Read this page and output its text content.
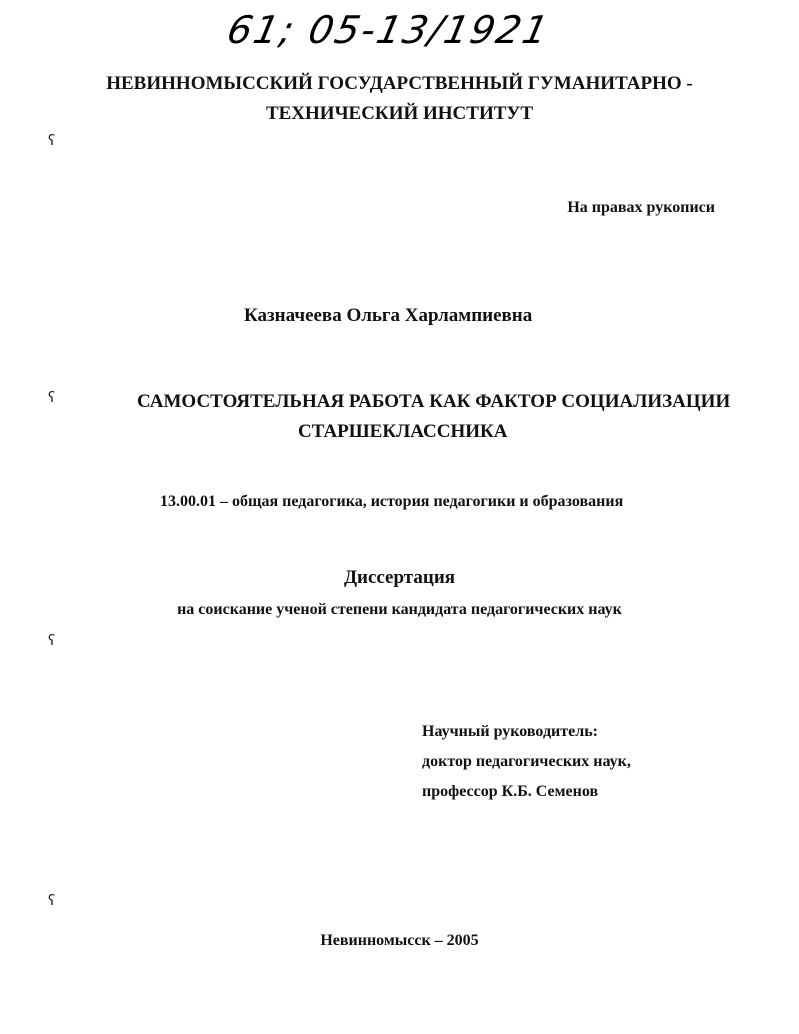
61; 05-13/1921
НЕВИННОМЫССКИЙ ГОСУДАРСТВЕННЫЙ ГУМАНИТАРНО -
ТЕХНИЧЕСКИЙ ИНСТИТУТ
ʕ
На правах рукописи
Казначеева Ольга Харлампиевна
ʕ	САМОСТОЯТЕЛЬНАЯ РАБОТА КАК ФАКТОР СОЦИАЛИЗАЦИИ
СТАРШЕКЛАССНИКА
13.00.01 – общая педагогика, история педагогики и образования
Диссертация
на соискание ученой степени кандидата педагогических наук
ʕ
Научный руководитель:
доктор педагогических наук,
профессор К.Б. Семенов
ʕ
Невинномысск – 2005
